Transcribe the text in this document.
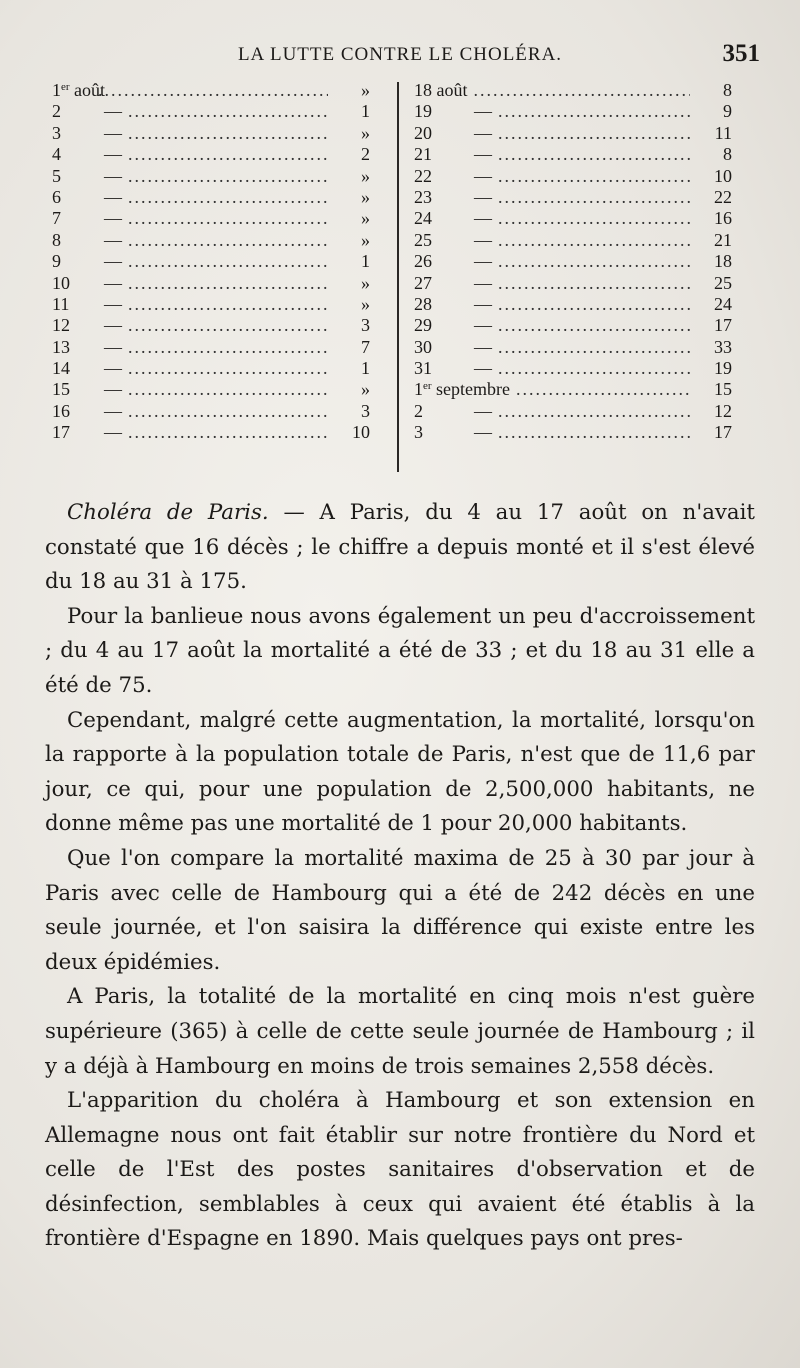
LA LUTTE CONTRE LE CHOLÉRA.	351
1er août .....	»
2	— .....	1
3	— .....	»
4	— .....	2
5	— .....	»
6	— .....	»
7	— .....	»
8	— .....	»
9	— .....	1
10	— .....	»
11	— .....	»
12	— .....	3
13	— .....	7
14	— .....	1
15	— .....	»
16	— .....	3
17	— .....	10
18 août .....	8
19	— .....	9
20	— .....	11
21	— .....	8
22	— .....	10
23	— .....	22
24	— .....	16
25	— .....	21
26	— .....	18
27	— .....	25
28	— .....	24
29	— .....	17
30	— .....	33
31	— .....	19
1er septembre .....	15
2	— .....	12
3	— .....	17

Choléra de Paris. — A Paris, du 4 au 17 août on n'avait constaté que 16 décès ; le chiffre a depuis monté et il s'est élevé du 18 au 31 à 175.

Pour la banlieue nous avons également un peu d'accroissement ; du 4 au 17 août la mortalité a été de 33 ; et du 18 au 31 elle a été de 75.

Cependant, malgré cette augmentation, la mortalité, lorsqu'on la rapporte à la population totale de Paris, n'est que de 11,6 par jour, ce qui, pour une population de 2,500,000 habitants, ne donne même pas une mortalité de 1 pour 20,000 habitants.

Que l'on compare la mortalité maxima de 25 à 30 par jour à Paris avec celle de Hambourg qui a été de 242 décès en une seule journée, et l'on saisira la différence qui existe entre les deux épidémies.

A Paris, la totalité de la mortalité en cinq mois n'est guère supérieure (365) à celle de cette seule journée de Hambourg ; il y a déjà à Hambourg en moins de trois semaines 2,558 décès.

L'apparition du choléra à Hambourg et son extension en Allemagne nous ont fait établir sur notre frontière du Nord et celle de l'Est des postes sanitaires d'observation et de désinfection, semblables à ceux qui avaient été établis à la frontière d'Espagne en 1890. Mais quelques pays ont pres-
